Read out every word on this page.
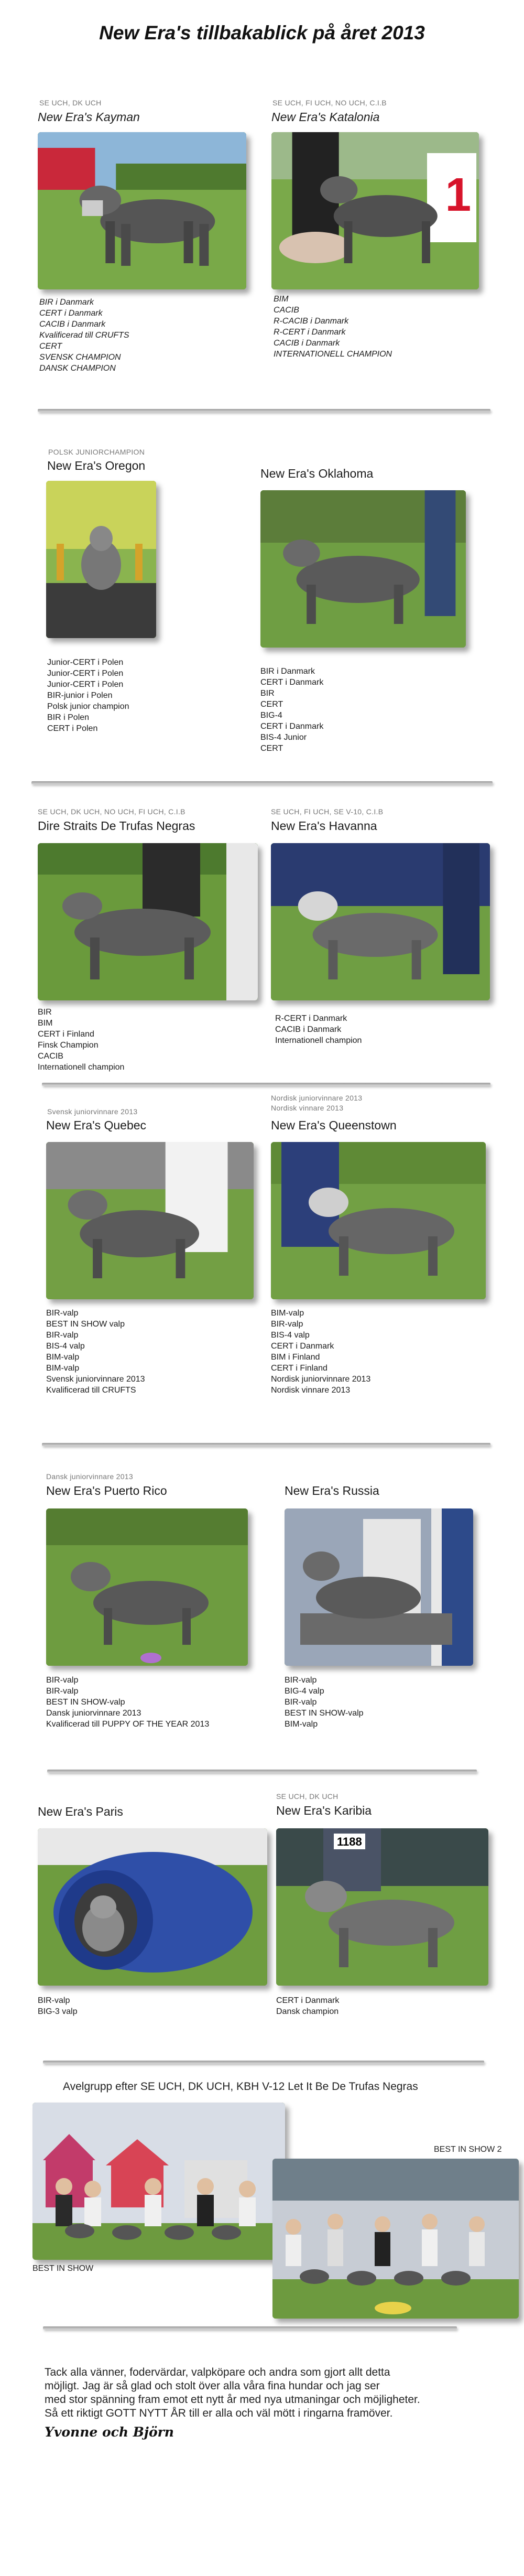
New Era's tillbakablick på året 2013
SE UCH, DK UCH
New Era's Kayman
BIR i Danmark
CERT i Danmark
CACIB i Danmark
Kvalificerad till CRUFTS
CERT
SVENSK CHAMPION
DANSK CHAMPION
SE UCH, FI UCH, NO UCH, C.I.B
New Era's Katalonia
1
BIM
CACIB
R-CACIB i Danmark
R-CERT i Danmark
CACIB i Danmark
INTERNATIONELL CHAMPION
POLSK JUNIORCHAMPION
New Era's Oregon
Junior-CERT i Polen
Junior-CERT i Polen
Junior-CERT i Polen
BIR-junior i Polen
Polsk junior champion
BIR i Polen
CERT i Polen
New Era's Oklahoma
BIR i Danmark
CERT i Danmark
BIR
CERT
BIG-4
CERT i Danmark
BIS-4 Junior
CERT
SE UCH, DK UCH, NO UCH, FI UCH, C.I.B
Dire Straits De Trufas Negras
BIR
BIM
CERT i Finland
Finsk Champion
CACIB
Internationell champion
SE UCH, FI UCH, SE V-10, C.I.B
New Era's Havanna
R-CERT i Danmark
CACIB i Danmark
Internationell champion
Svensk juniorvinnare 2013
New Era's Quebec
BIR-valp
BEST IN SHOW valp
BIR-valp
BIS-4 valp
BIM-valp
BIM-valp
Svensk juniorvinnare 2013
Kvalificerad till CRUFTS
Nordisk juniorvinnare 2013
Nordisk vinnare 2013
New Era's Queenstown
BIM-valp
BIR-valp
BIS-4 valp
CERT i Danmark
BIM i Finland
CERT i Finland
Nordisk juniorvinnare 2013
Nordisk vinnare 2013
Dansk juniorvinnare 2013
New Era's Puerto Rico
BIR-valp
BIR-valp
BEST IN SHOW-valp
Dansk juniorvinnare 2013
Kvalificerad till PUPPY OF THE YEAR 2013
New Era's Russia
BIR-valp
BIG-4 valp
BIR-valp
BEST IN SHOW-valp
BIM-valp
New Era's Paris
BIR-valp
BIG-3 valp
SE UCH, DK UCH
New Era's Karibia
1188
CERT i Danmark
Dansk champion
Avelgrupp efter SE UCH, DK UCH, KBH V-12 Let It Be De Trufas Negras
BEST IN SHOW
BEST IN SHOW 2
Tack alla vänner, fodervärdar, valpköpare och andra som gjort allt detta
möjligt. Jag är så glad och stolt över alla våra fina hundar och jag ser
med stor spänning fram emot ett nytt år med nya utmaningar och möjligheter.
Så ett riktigt GOTT NYTT ÅR till er alla och väl mött i ringarna framöver.
Yvonne och Björn
